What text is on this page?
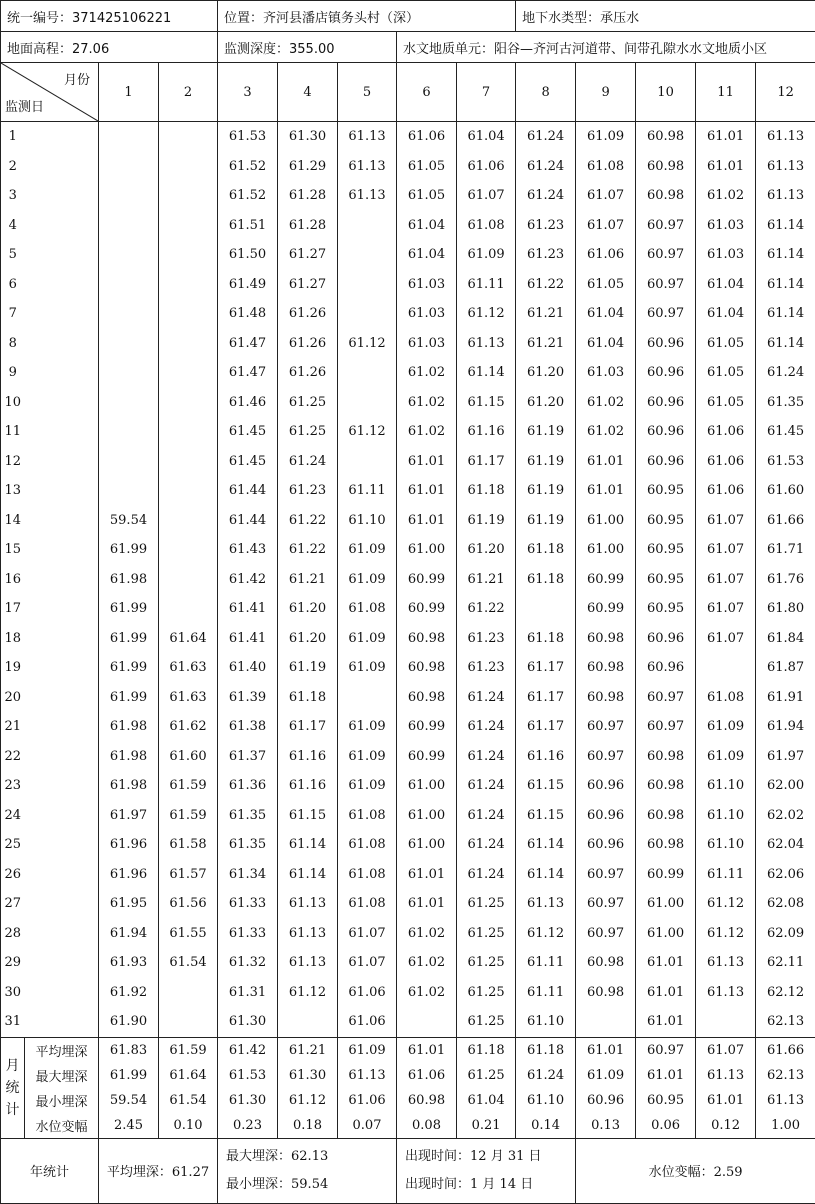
统一编号：371425106221				位置：齐河县潘店镇务头村（深）					地下水类型：承压水				
地面高程：27.06				监测深度：355.00			水文地质单元：阳谷—齐河古河道带、间带孔隙水水文地质小区						

月份
监测日		1	2	3	4	5	6	7	8	9	10	11	12
1				61.53	61.30	61.13	61.06	61.04	61.24	61.09	60.98	61.01	61.13
2				61.52	61.29	61.13	61.05	61.06	61.24	61.08	60.98	61.01	61.13
3				61.52	61.28	61.13	61.05	61.07	61.24	61.07	60.98	61.02	61.13
4				61.51	61.28		61.04	61.08	61.23	61.07	60.97	61.03	61.14
5				61.50	61.27		61.04	61.09	61.23	61.06	60.97	61.03	61.14
6				61.49	61.27		61.03	61.11	61.22	61.05	60.97	61.04	61.14
7				61.48	61.26		61.03	61.12	61.21	61.04	60.97	61.04	61.14
8				61.47	61.26	61.12	61.03	61.13	61.21	61.04	60.96	61.05	61.14
9				61.47	61.26		61.02	61.14	61.20	61.03	60.96	61.05	61.24
10				61.46	61.25		61.02	61.15	61.20	61.02	60.96	61.05	61.35
11				61.45	61.25	61.12	61.02	61.16	61.19	61.02	60.96	61.06	61.45
12				61.45	61.24		61.01	61.17	61.19	61.01	60.96	61.06	61.53
13				61.44	61.23	61.11	61.01	61.18	61.19	61.01	60.95	61.06	61.60
14		59.54		61.44	61.22	61.10	61.01	61.19	61.19	61.00	60.95	61.07	61.66
15		61.99		61.43	61.22	61.09	61.00	61.20	61.18	61.00	60.95	61.07	61.71
16		61.98		61.42	61.21	61.09	60.99	61.21	61.18	60.99	60.95	61.07	61.76
17		61.99		61.41	61.20	61.08	60.99	61.22		60.99	60.95	61.07	61.80
18		61.99	61.64	61.41	61.20	61.09	60.98	61.23	61.18	60.98	60.96	61.07	61.84
19		61.99	61.63	61.40	61.19	61.09	60.98	61.23	61.17	60.98	60.96		61.87
20		61.99	61.63	61.39	61.18		60.98	61.24	61.17	60.98	60.97	61.08	61.91
21		61.98	61.62	61.38	61.17	61.09	60.99	61.24	61.17	60.97	60.97	61.09	61.94
22		61.98	61.60	61.37	61.16	61.09	60.99	61.24	61.16	60.97	60.98	61.09	61.97
23		61.98	61.59	61.36	61.16	61.09	61.00	61.24	61.15	60.96	60.98	61.10	62.00
24		61.97	61.59	61.35	61.15	61.08	61.00	61.24	61.15	60.96	60.98	61.10	62.02
25		61.96	61.58	61.35	61.14	61.08	61.00	61.24	61.14	60.96	60.98	61.10	62.04
26		61.96	61.57	61.34	61.14	61.08	61.01	61.24	61.14	60.97	60.99	61.11	62.06
27		61.95	61.56	61.33	61.13	61.08	61.01	61.25	61.13	60.97	61.00	61.12	62.08
28		61.94	61.55	61.33	61.13	61.07	61.02	61.25	61.12	60.97	61.00	61.12	62.09
29		61.93	61.54	61.32	61.13	61.07	61.02	61.25	61.11	60.98	61.01	61.13	62.11
30		61.92		61.31	61.12	61.06	61.02	61.25	61.11	60.98	61.01	61.13	62.12
31		61.90		61.30		61.06		61.25	61.10		61.01		62.13
月统计	平均埋深	61.83	61.59	61.42	61.21	61.09	61.01	61.18	61.18	61.01	60.97	61.07	61.66
	最大埋深	61.99	61.64	61.53	61.30	61.13	61.06	61.25	61.24	61.09	61.01	61.13	62.13
	最小埋深	59.54	61.54	61.30	61.12	61.06	60.98	61.04	61.10	60.96	60.95	61.01	61.13
	水位变幅	2.45	0.10	0.23	0.18	0.07	0.08	0.21	0.14	0.13	0.06	0.12	1.00
年统计		平均埋深：61.27		最大埋深：62.13
最小埋深：59.54			出现时间：12 月 31 日
出现时间：1 月 14 日			水位变幅：2.59			
